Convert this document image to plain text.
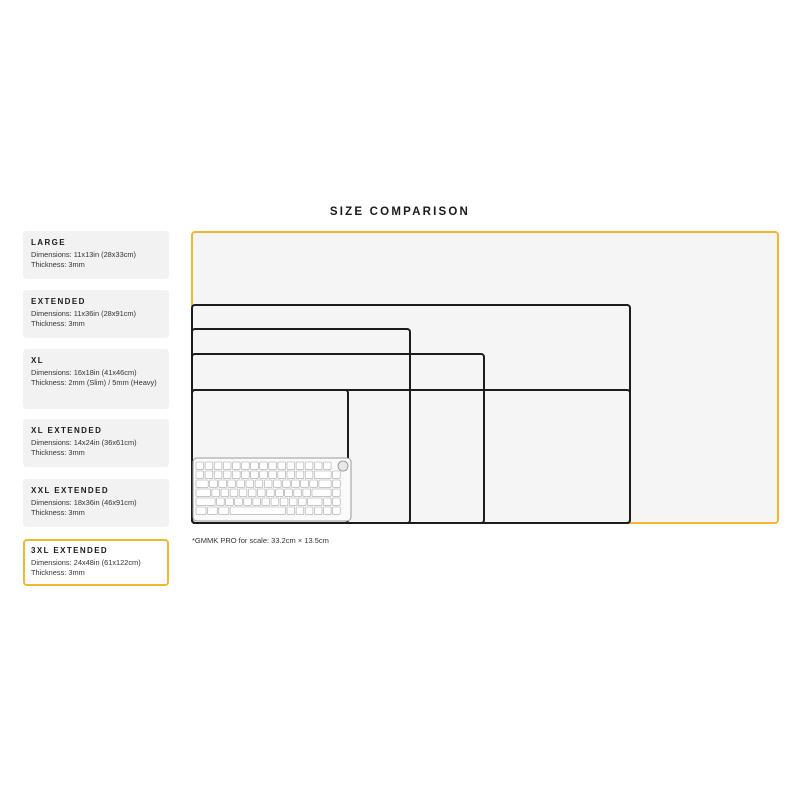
SIZE COMPARISON
LARGE
Dimensions: 11x13in (28x33cm)
Thickness: 3mm
EXTENDED
Dimensions: 11x36in (28x91cm)
Thickness: 3mm
XL
Dimensions: 16x18in (41x46cm)
Thickness: 2mm (Slim) / 5mm (Heavy)
XL EXTENDED
Dimensions: 14x24in (36x61cm)
Thickness: 3mm
XXL EXTENDED
Dimensions: 18x36in (46x91cm)
Thickness: 3mm
3XL EXTENDED
Dimensions: 24x48in (61x122cm)
Thickness: 3mm
*GMMK PRO for scale: 33.2cm × 13.5cm
